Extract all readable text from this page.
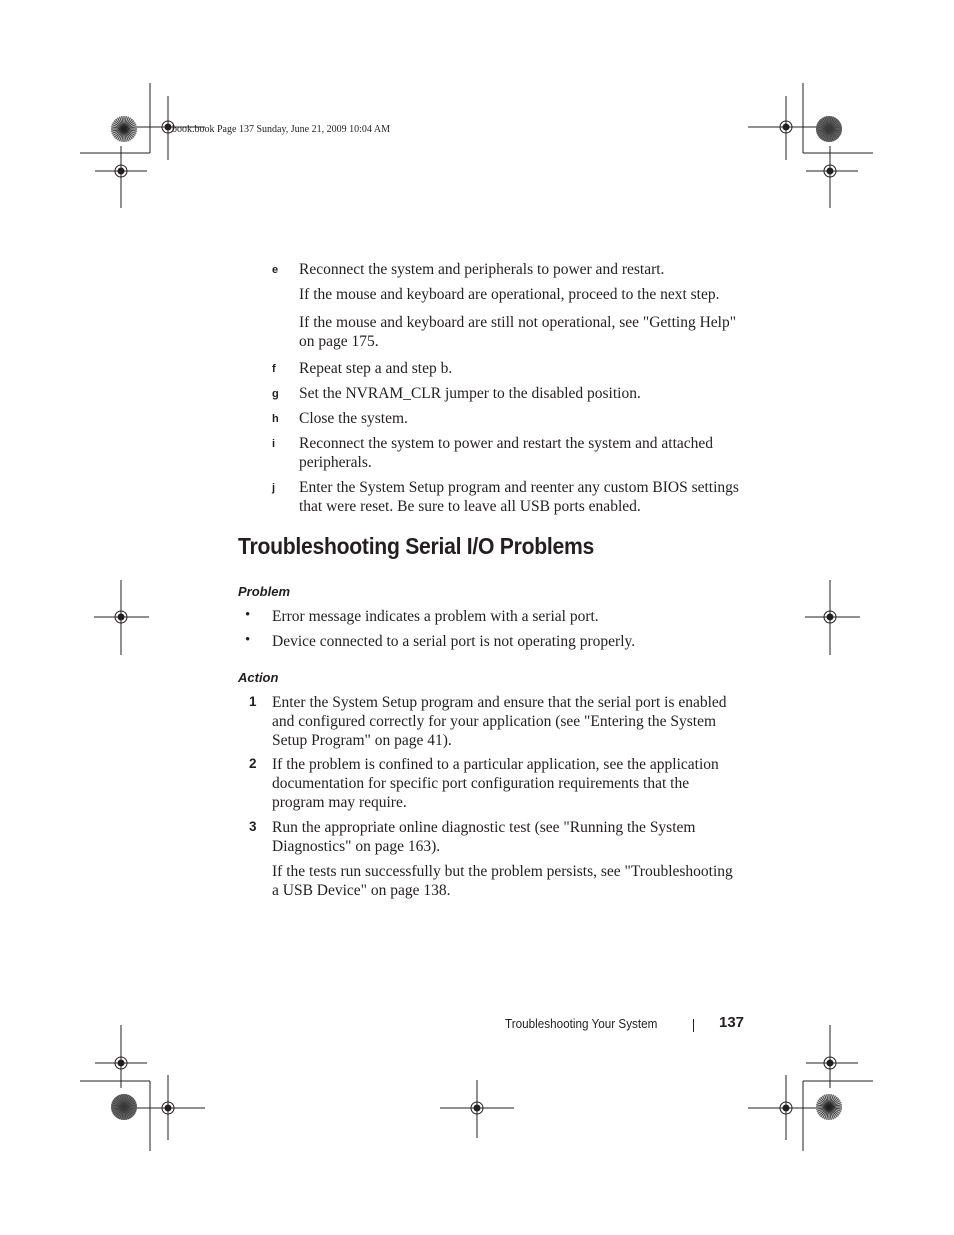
book.book Page 137 Sunday, June 21, 2009 10:04 AM
e Reconnect the system and peripherals to power and restart.
If the mouse and keyboard are operational, proceed to the next step.
If the mouse and keyboard are still not operational, see "Getting Help" on page 175.
f Repeat step a and step b.
g Set the NVRAM_CLR jumper to the disabled position.
h Close the system.
i Reconnect the system to power and restart the system and attached peripherals.
j Enter the System Setup program and reenter any custom BIOS settings that were reset. Be sure to leave all USB ports enabled.
Troubleshooting Serial I/O Problems
Problem
• Error message indicates a problem with a serial port.
• Device connected to a serial port is not operating properly.
Action
1 Enter the System Setup program and ensure that the serial port is enabled and configured correctly for your application (see "Entering the System Setup Program" on page 41).
2 If the problem is confined to a particular application, see the application documentation for specific port configuration requirements that the program may require.
3 Run the appropriate online diagnostic test (see "Running the System Diagnostics" on page 163).
If the tests run successfully but the problem persists, see "Troubleshooting a USB Device" on page 138.
Troubleshooting Your System	137
